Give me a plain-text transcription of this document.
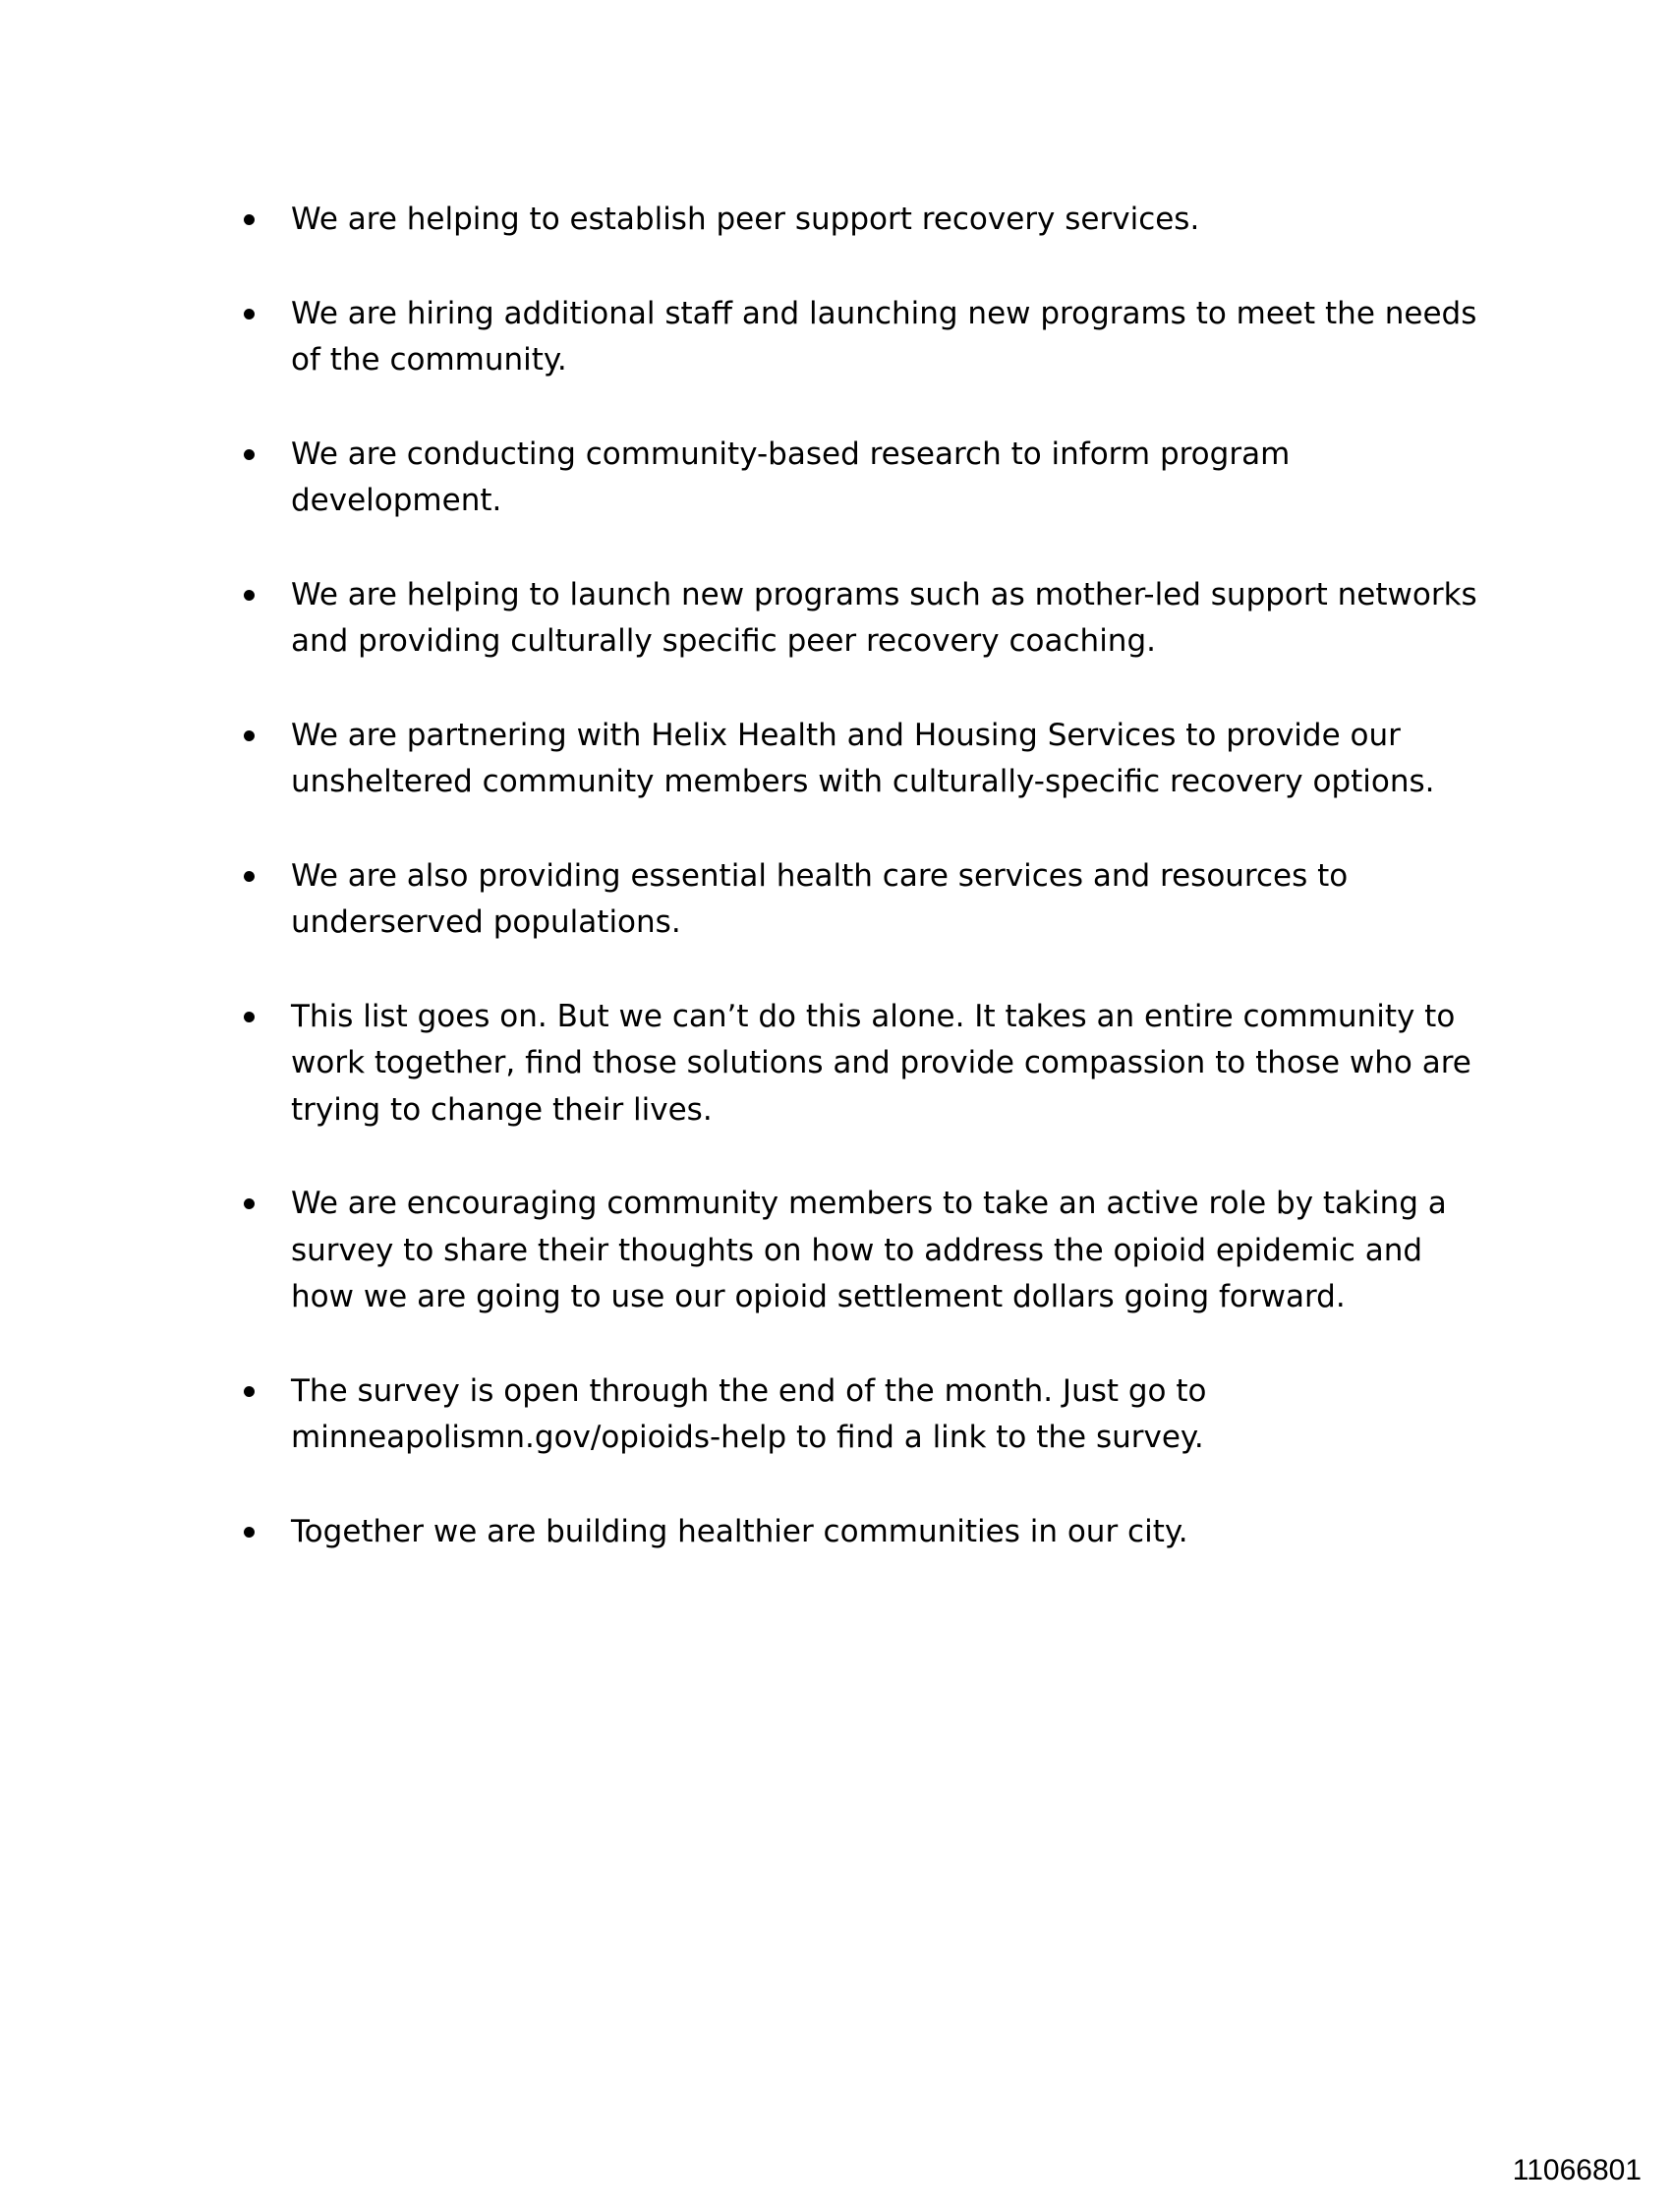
We are helping to establish peer support recovery services.
We are hiring additional staff and launching new programs to meet the needs of the community.
We are conducting community-based research to inform program development.
We are helping to launch new programs such as mother-led support networks and providing culturally specific peer recovery coaching.
We are partnering with Helix Health and Housing Services to provide our unsheltered community members with culturally-specific recovery options.
We are also providing essential health care services and resources to underserved populations.
This list goes on. But we can’t do this alone. It takes an entire community to work together, find those solutions and provide compassion to those who are trying to change their lives.
We are encouraging community members to take an active role by taking a survey to share their thoughts on how to address the opioid epidemic and how we are going to use our opioid settlement dollars going forward.
The survey is open through the end of the month. Just go to minneapolismn.gov/opioids-help to find a link to the survey.
Together we are building healthier communities in our city.
11066801
